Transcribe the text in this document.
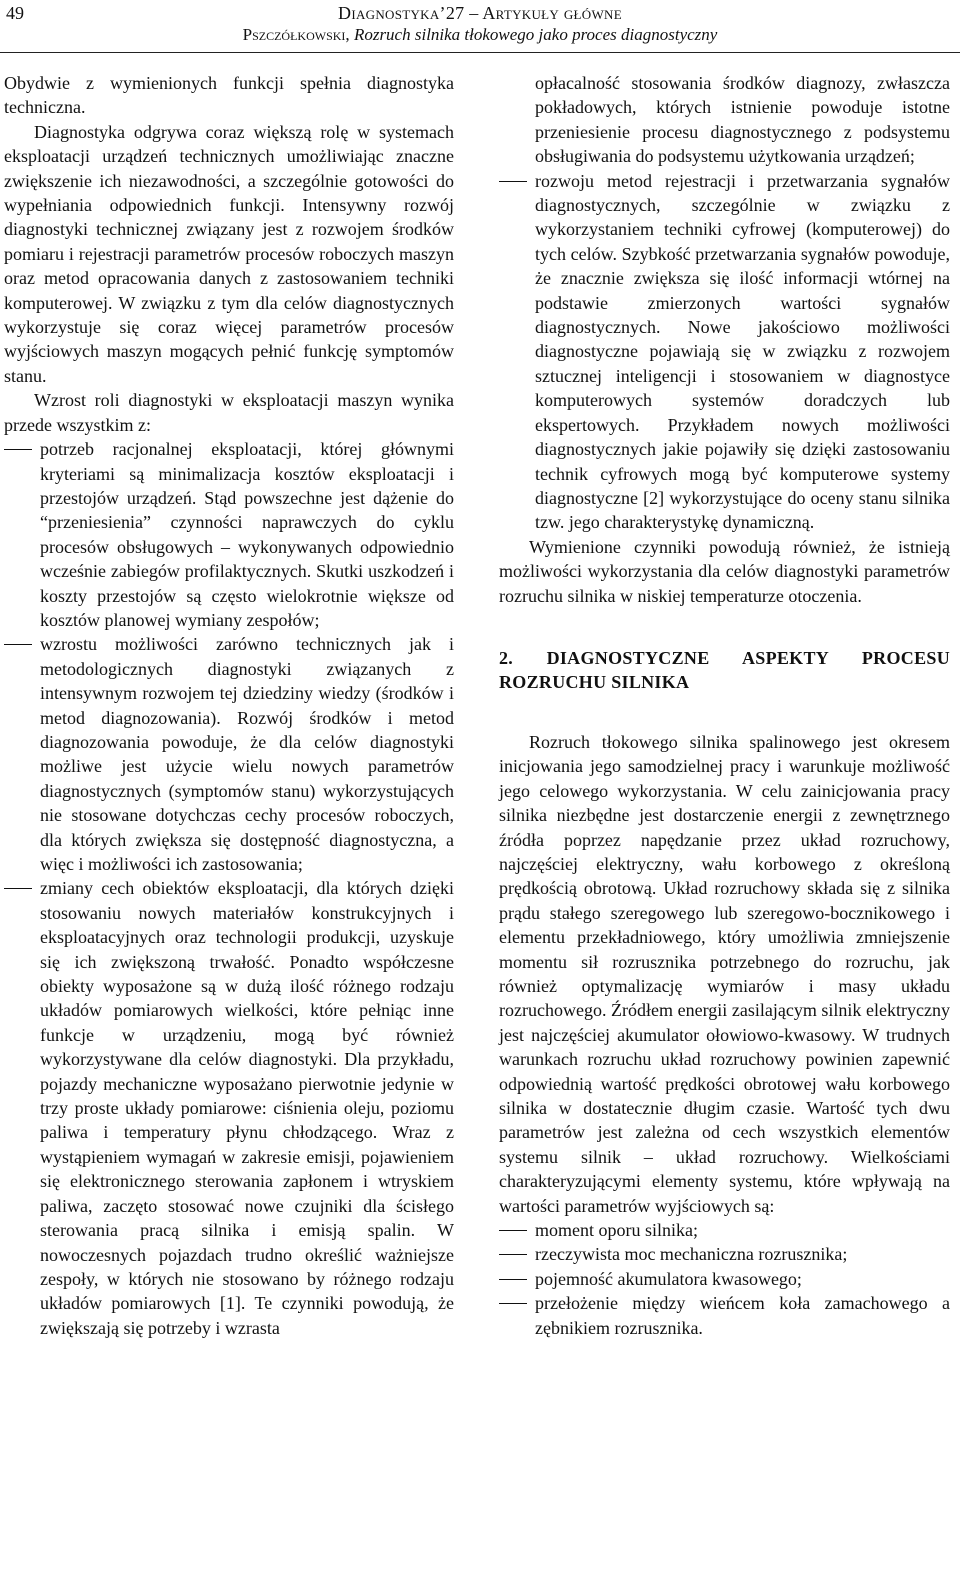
49	Diagnostyka’27 – Artykuły główne
Pszczółkowski, Rozruch silnika tłokowego jako proces diagnostyczny

Obydwie z wymienionych funkcji spełnia diagnostyka techniczna.

Diagnostyka odgrywa coraz większą rolę w systemach eksploatacji urządzeń technicznych umożliwiając znaczne zwiększenie ich niezawodności, a szczególnie gotowości do wypełniania odpowiednich funkcji. Intensywny rozwój diagnostyki technicznej związany jest z rozwojem środków pomiaru i rejestracji parametrów procesów roboczych maszyn oraz metod opracowania danych z zastosowaniem techniki komputerowej. W związku z tym dla celów diagnostycznych wykorzystuje się coraz więcej parametrów procesów wyjściowych maszyn mogących pełnić funkcję symptomów stanu.

Wzrost roli diagnostyki w eksploatacji maszyn wynika przede wszystkim z:

potrzeb racjonalnej eksploatacji, której głównymi kryteriami są minimalizacja kosztów eksploatacji i przestojów urządzeń. Stąd powszechne jest dążenie do “przeniesienia” czynności naprawczych do cyklu procesów obsługowych – wykonywanych odpowiednio wcześnie zabiegów profilaktycznych. Skutki uszkodzeń i koszty przestojów są często wielokrotnie większe od kosztów planowej wymiany zespołów;
wzrostu możliwości zarówno technicznych jak i metodologicznych diagnostyki związanych z intensywnym rozwojem tej dziedziny wiedzy (środków i metod diagnozowania). Rozwój środków i metod diagnozowania powoduje, że dla celów diagnostyki możliwe jest użycie wielu nowych parametrów diagnostycznych (symptomów stanu) wykorzystujących nie stosowane dotychczas cechy procesów roboczych, dla których zwiększa się dostępność diagnostyczna, a więc i możliwości ich zastosowania;
zmiany cech obiektów eksploatacji, dla których dzięki stosowaniu nowych materiałów konstrukcyjnych i eksploatacyjnych oraz technologii produkcji, uzyskuje się ich zwiększoną trwałość. Ponadto współczesne obiekty wyposażone są w dużą ilość różnego rodzaju układów pomiarowych wielkości, które pełniąc inne funkcje w urządzeniu, mogą być również wykorzystywane dla celów diagnostyki. Dla przykładu, pojazdy mechaniczne wyposażano pierwotnie jedynie w trzy proste układy pomiarowe: ciśnienia oleju, poziomu paliwa i temperatury płynu chłodzącego. Wraz z wystąpieniem wymagań w zakresie emisji, pojawieniem się elektronicznego sterowania zapłonem i wtryskiem paliwa, zaczęto stosować nowe czujniki dla ścisłego sterowania pracą silnika i emisją spalin. W nowoczesnych pojazdach trudno określić ważniejsze zespoły, w których nie stosowano by różnego rodzaju układów pomiarowych [1]. Te czynniki powodują, że zwiększają się potrzeby i wzrasta
opłacalność stosowania środków diagnozy, zwłaszcza pokładowych, których istnienie powoduje istotne przeniesienie procesu diagnostycznego z podsystemu obsługiwania do podsystemu użytkowania urządzeń;
rozwoju metod rejestracji i przetwarzania sygnałów diagnostycznych, szczególnie w związku z wykorzystaniem techniki cyfrowej (komputerowej) do tych celów. Szybkość przetwarzania sygnałów powoduje, że znacznie zwiększa się ilość informacji wtórnej na podstawie zmierzonych wartości sygnałów diagnostycznych. Nowe jakościowo możliwości diagnostyczne pojawiają się w związku z rozwojem sztucznej inteligencji i stosowaniem w diagnostyce komputerowych systemów doradczych lub ekspertowych. Przykładem nowych możliwości diagnostycznych jakie pojawiły się dzięki zastosowaniu technik cyfrowych mogą być komputerowe systemy diagnostyczne [2] wykorzystujące do oceny stanu silnika tzw. jego charakterystykę dynamiczną.

Wymienione czynniki powodują również, że istnieją możliwości wykorzystania dla celów diagnostyki parametrów rozruchu silnika w niskiej temperaturze otoczenia.

2. DIAGNOSTYCZNE ASPEKTY PROCESU ROZRUCHU SILNIKA

Rozruch tłokowego silnika spalinowego jest okresem inicjowania jego samodzielnej pracy i warunkuje możliwość jego celowego wykorzystania. W celu zainicjowania pracy silnika niezbędne jest dostarczenie energii z zewnętrznego źródła poprzez napędzanie przez układ rozruchowy, najczęściej elektryczny, wału korbowego z określoną prędkością obrotową. Układ rozruchowy składa się z silnika prądu stałego szeregowego lub szeregowo-bocznikowego i elementu przekładniowego, który umożliwia zmniejszenie momentu sił rozrusznika potrzebnego do rozruchu, jak również optymalizację wymiarów i masy układu rozruchowego. Źródłem energii zasilającym silnik elektryczny jest najczęściej akumulator ołowiowo-kwasowy. W trudnych warunkach rozruchu układ rozruchowy powinien zapewnić odpowiednią wartość prędkości obrotowej wału korbowego silnika w dostatecznie długim czasie. Wartość tych dwu parametrów jest zależna od cech wszystkich elementów systemu silnik – układ rozruchowy. Wielkościami charakteryzującymi elementy systemu, które wpływają na wartości parametrów wyjściowych są:

moment oporu silnika;
rzeczywista moc mechaniczna rozrusznika;
pojemność akumulatora kwasowego;
przełożenie między wieńcem koła zamachowego a zębnikiem rozrusznika.
